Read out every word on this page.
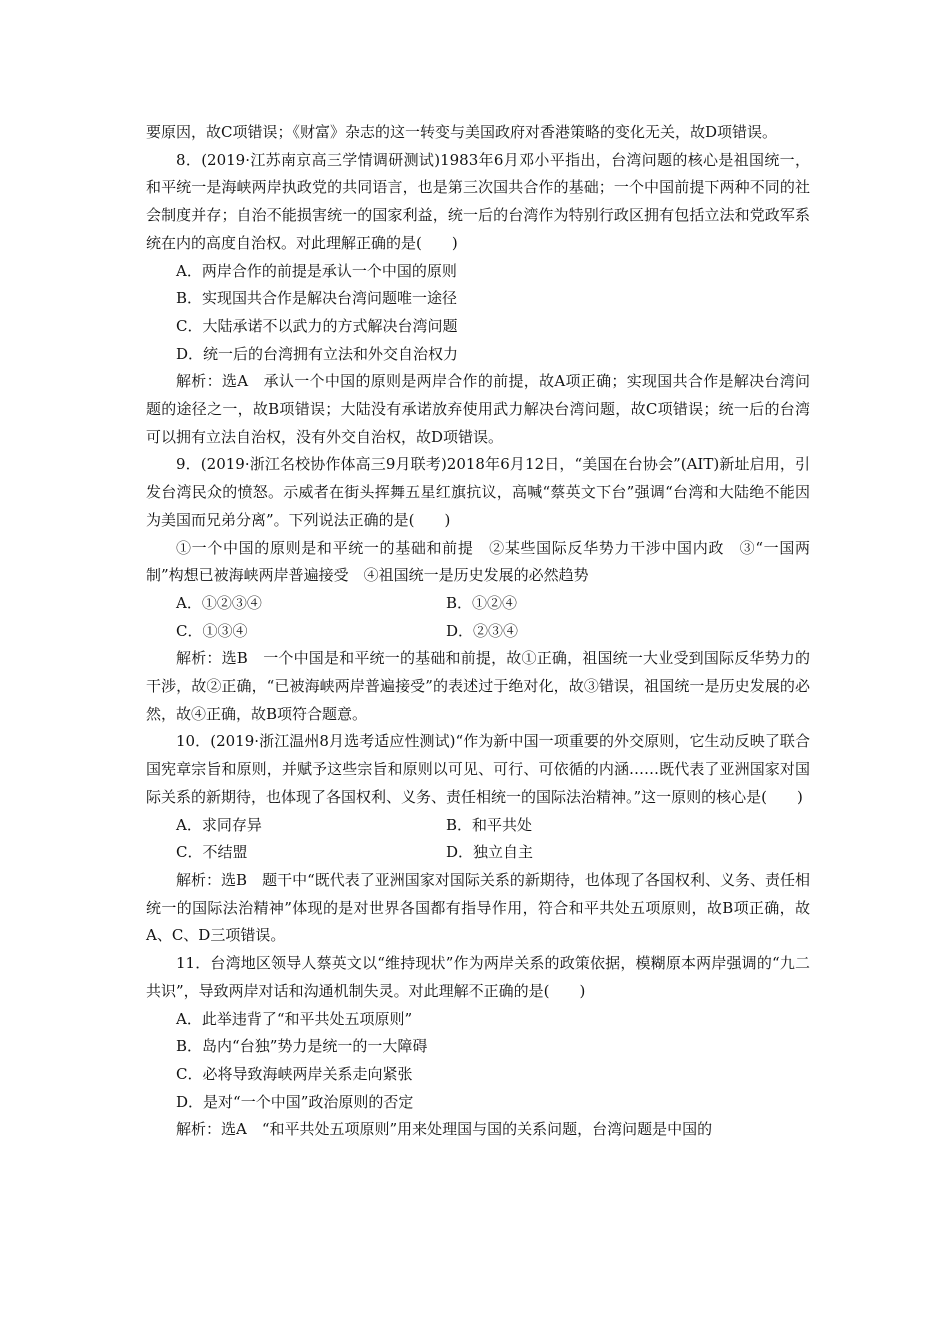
要原因，故C项错误；《财富》杂志的这一转变与美国政府对香港策略的变化无关，故D项错误。

8．(2019·江苏南京高三学情调研测试)1983年6月邓小平指出，台湾问题的核心是祖国统一，和平统一是海峡两岸执政党的共同语言，也是第三次国共合作的基础；一个中国前提下两种不同的社会制度并存；自治不能损害统一的国家利益，统一后的台湾作为特别行政区拥有包括立法和党政军系统在内的高度自治权。对此理解正确的是(　　)

A．两岸合作的前提是承认一个中国的原则

B．实现国共合作是解决台湾问题唯一途径

C．大陆承诺不以武力的方式解决台湾问题

D．统一后的台湾拥有立法和外交自治权力

解析：选A　承认一个中国的原则是两岸合作的前提，故A项正确；实现国共合作是解决台湾问题的途径之一，故B项错误；大陆没有承诺放弃使用武力解决台湾问题，故C项错误；统一后的台湾可以拥有立法自治权，没有外交自治权，故D项错误。

9．(2019·浙江名校协作体高三9月联考)2018年6月12日，“美国在台协会”(AIT)新址启用，引发台湾民众的愤怒。示威者在街头挥舞五星红旗抗议，高喊“蔡英文下台”强调“台湾和大陆绝不能因为美国而兄弟分离”。下列说法正确的是(　　)

①一个中国的原则是和平统一的基础和前提　②某些国际反华势力干涉中国内政　③“一国两制”构想已被海峡两岸普遍接受　④祖国统一是历史发展的必然趋势

A．①②③④	B．①②④
C．①③④	D．②③④

解析：选B　一个中国是和平统一的基础和前提，故①正确，祖国统一大业受到国际反华势力的干涉，故②正确，“已被海峡两岸普遍接受”的表述过于绝对化，故③错误，祖国统一是历史发展的必然，故④正确，故B项符合题意。

10．(2019·浙江温州8月选考适应性测试)“作为新中国一项重要的外交原则，它生动反映了联合国宪章宗旨和原则，并赋予这些宗旨和原则以可见、可行、可依循的内涵……既代表了亚洲国家对国际关系的新期待，也体现了各国权利、义务、责任相统一的国际法治精神。”这一原则的核心是(　　)

A．求同存异	B．和平共处
C．不结盟	D．独立自主

解析：选B　题干中“既代表了亚洲国家对国际关系的新期待，也体现了各国权利、义务、责任相统一的国际法治精神”体现的是对世界各国都有指导作用，符合和平共处五项原则，故B项正确，故A、C、D三项错误。

11．台湾地区领导人蔡英文以“维持现状”作为两岸关系的政策依据，模糊原本两岸强调的“九二共识”，导致两岸对话和沟通机制失灵。对此理解不正确的是(　　)

A．此举违背了“和平共处五项原则”

B．岛内“台独”势力是统一的一大障碍

C．必将导致海峡两岸关系走向紧张

D．是对“一个中国”政治原则的否定

解析：选A　“和平共处五项原则”用来处理国与国的关系问题，台湾问题是中国的
